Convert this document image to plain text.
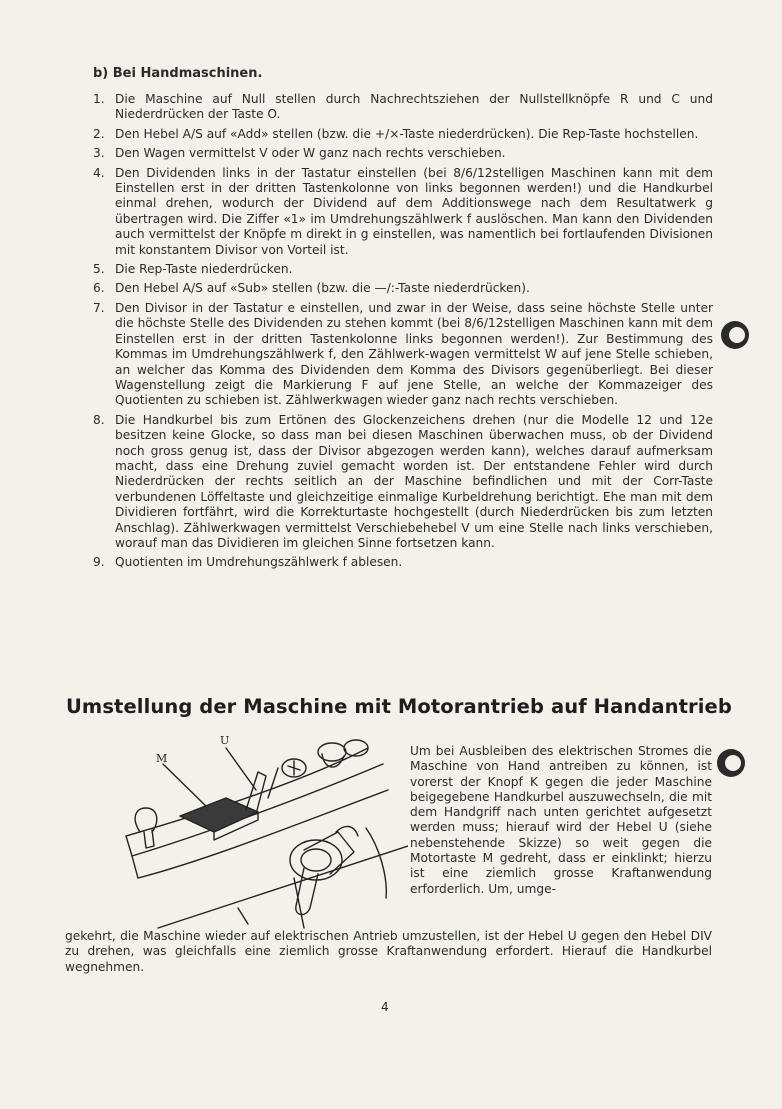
b) Bei Handmaschinen.
1. Die Maschine auf Null stellen durch Nachrechtsziehen der Nullstellknöpfe R und C und Niederdrücken der Taste O.
2. Den Hebel A/S auf «Add» stellen (bzw. die +/×-Taste niederdrücken). Die Rep-Taste hochstellen.
3. Den Wagen vermittelst V oder W ganz nach rechts verschieben.
4. Den Dividenden links in der Tastatur einstellen (bei 8/6/12stelligen Maschinen kann mit dem Einstellen erst in der dritten Tastenkolonne von links begonnen werden!) und die Handkurbel einmal drehen, wodurch der Dividend auf dem Additionswege nach dem Resultatwerk g übertragen wird. Die Ziffer «1» im Umdrehungszählwerk f auslöschen. Man kann den Dividenden auch vermittelst der Knöpfe m direkt in g einstellen, was namentlich bei fortlaufenden Divisionen mit konstantem Divisor von Vorteil ist.
5. Die Rep-Taste niederdrücken.
6. Den Hebel A/S auf «Sub» stellen (bzw. die —/:-Taste niederdrücken).
7. Den Divisor in der Tastatur e einstellen, und zwar in der Weise, dass seine höchste Stelle unter die höchste Stelle des Dividenden zu stehen kommt (bei 8/6/12stelligen Maschinen kann mit dem Einstellen erst in der dritten Tastenkolonne links begonnen werden!). Zur Bestimmung des Kommas im Umdrehungszählwerk f, den Zählwerk-wagen vermittelst W auf jene Stelle schieben, an welcher das Komma des Dividenden dem Komma des Divisors gegenüberliegt. Bei dieser Wagenstellung zeigt die Markierung F auf jene Stelle, an welche der Kommazeiger des Quotienten zu schieben ist. Zählwerkwagen wieder ganz nach rechts verschieben.
8. Die Handkurbel bis zum Ertönen des Glockenzeichens drehen (nur die Modelle 12 und 12e besitzen keine Glocke, so dass man bei diesen Maschinen überwachen muss, ob der Dividend noch gross genug ist, dass der Divisor abgezogen werden kann), welches darauf aufmerksam macht, dass eine Drehung zuviel gemacht worden ist. Der entstandene Fehler wird durch Niederdrücken der rechts seitlich an der Maschine befindlichen und mit der Corr-Taste verbundenen Löffeltaste und gleichzeitige einmalige Kurbeldrehung berichtigt. Ehe man mit dem Dividieren fortfährt, wird die Korrekturtaste hochgestellt (durch Niederdrücken bis zum letzten Anschlag). Zählwerkwagen vermittelst Verschiebehebel V um eine Stelle nach links verschieben, worauf man das Dividieren im gleichen Sinne fortsetzen kann.
9. Quotienten im Umdrehungszählwerk f ablesen.
Umstellung der Maschine mit Motorantrieb auf Handantrieb
M
U
Um bei Ausbleiben des elektrischen Stromes die Maschine von Hand antreiben zu können, ist vorerst der Knopf K gegen die jeder Maschine beigegebene Handkurbel auszuwechseln, die mit dem Handgriff nach unten gerichtet aufgesetzt werden muss; hierauf wird der Hebel U (siehe nebenstehende Skizze) so weit gegen die Motortaste M gedreht, dass er einklinkt; hierzu ist eine ziemlich grosse Kraftanwendung erforderlich. Um, umge-
gekehrt, die Maschine wieder auf elektrischen Antrieb umzustellen, ist der Hebel U gegen den Hebel DIV zu drehen, was gleichfalls eine ziemlich grosse Kraftanwendung erfordert. Hierauf die Handkurbel wegnehmen.
4
